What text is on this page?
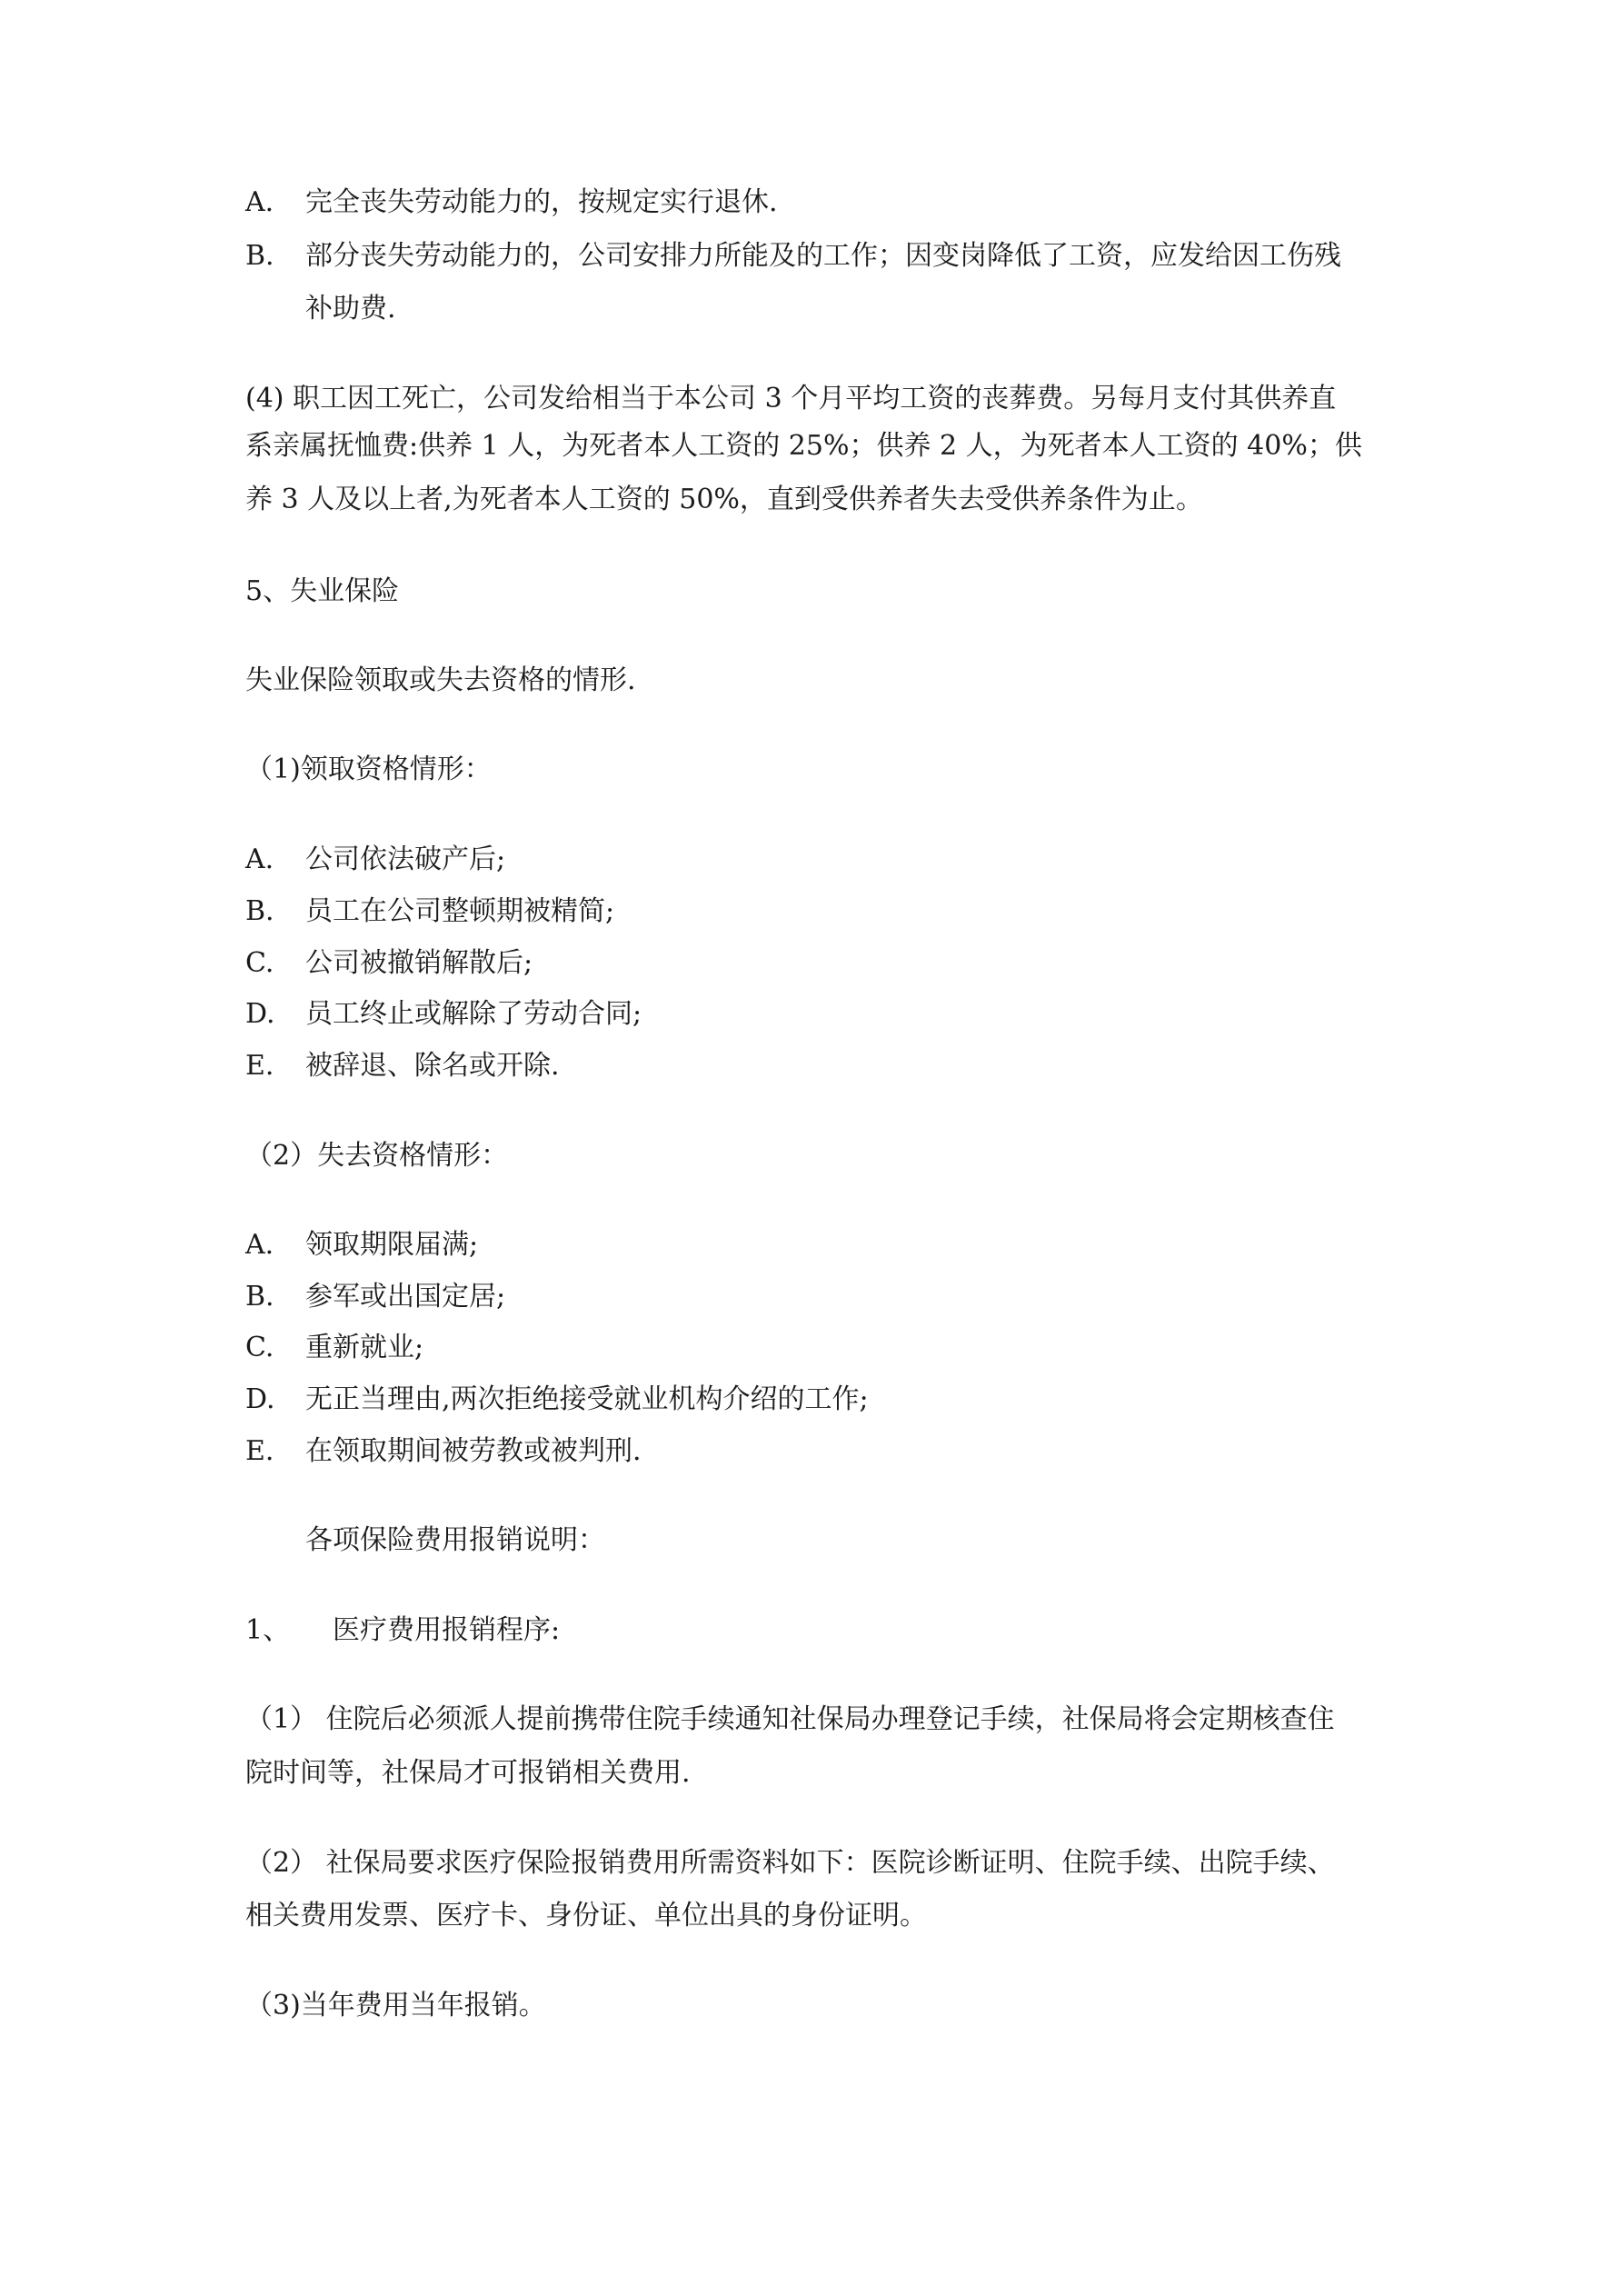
A. 完全丧失劳动能力的，按规定实行退休.

B. 部分丧失劳动能力的，公司安排力所能及的工作；因变岗降低了工资，应发给因工伤残

补助费.

(4) 职工因工死亡，公司发给相当于本公司 3 个月平均工资的丧葬费。另每月支付其供养直

系亲属抚恤费:供养 1 人，为死者本人工资的 25%；供养 2 人，为死者本人工资的 40%；供

养 3 人及以上者,为死者本人工资的 50%，直到受供养者失去受供养条件为止。

5、失业保险

失业保险领取或失去资格的情形.

（1)领取资格情形：

A. 公司依法破产后;

B. 员工在公司整顿期被精简;

C. 公司被撤销解散后;

D. 员工终止或解除了劳动合同;

E. 被辞退、除名或开除.

（2）失去资格情形：

A. 领取期限届满;

B. 参军或出国定居;

C. 重新就业;

D. 无正当理由,两次拒绝接受就业机构介绍的工作;

E. 在领取期间被劳教或被判刑.

各项保险费用报销说明：

1、 医疗费用报销程序:

（1） 住院后必须派人提前携带住院手续通知社保局办理登记手续，社保局将会定期核查住

院时间等，社保局才可报销相关费用.

（2） 社保局要求医疗保险报销费用所需资料如下：医院诊断证明、住院手续、出院手续、

相关费用发票、医疗卡、身份证、单位出具的身份证明。

（3)当年费用当年报销。
